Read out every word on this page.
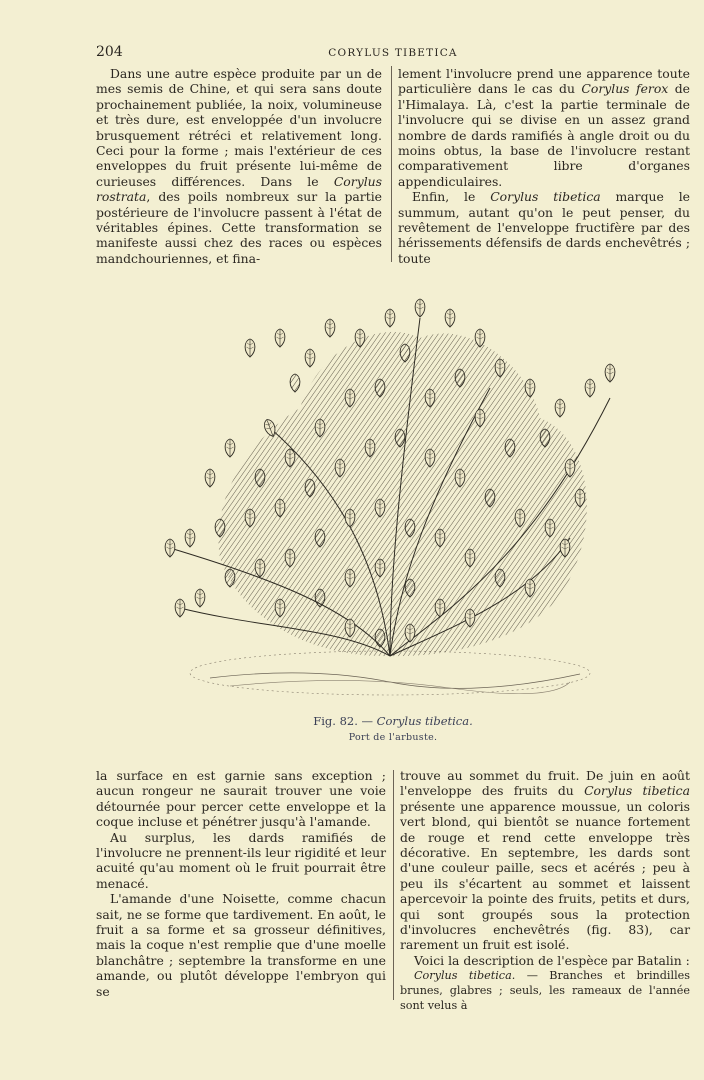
204	CORYLUS TIBETICA

Dans une autre espèce produite par un de mes semis de Chine, et qui sera sans doute prochainement publiée, la noix, volumineuse et très dure, est enveloppée d'un involucre brusquement rétréci et relativement long. Ceci pour la forme ; mais l'extérieur de ces enveloppes du fruit présente lui-même de curieuses différences. Dans le Corylus rostrata, des poils nombreux sur la partie postérieure de l'involucre passent à l'état de véritables épines. Cette transformation se manifeste aussi chez des races ou espèces mandchouriennes, et fina-

lement l'involucre prend une apparence toute particulière dans le cas du Corylus ferox de l'Himalaya. Là, c'est la partie terminale de l'involucre qui se divise en un assez grand nombre de dards ramifiés à angle droit ou du moins obtus, la base de l'involucre restant comparativement libre d'organes appendiculaires.

Enfin, le Corylus tibetica marque le summum, autant qu'on le peut penser, du revêtement de l'enveloppe fructifère par des hérissements défensifs de dards enchevêtrés ; toute

Fig. 82. — Corylus tibetica.
Port de l'arbuste.

la surface en est garnie sans exception ; aucun rongeur ne saurait trouver une voie détournée pour percer cette enveloppe et la coque incluse et pénétrer jusqu'à l'amande.

Au surplus, les dards ramifiés de l'involucre ne prennent-ils leur rigidité et leur acuité qu'au moment où le fruit pourrait être menacé.

L'amande d'une Noisette, comme chacun sait, ne se forme que tardivement. En août, le fruit a sa forme et sa grosseur définitives, mais la coque n'est remplie que d'une moelle blanchâtre ; septembre la transforme en une amande, ou plutôt développe l'embryon qui se

trouve au sommet du fruit. De juin en août l'enveloppe des fruits du Corylus tibetica présente une apparence moussue, un coloris vert blond, qui bientôt se nuance fortement de rouge et rend cette enveloppe très décorative. En septembre, les dards sont d'une couleur paille, secs et acérés ; peu à peu ils s'écartent au sommet et laissent apercevoir la pointe des fruits, petits et durs, qui sont groupés sous la protection d'involucres enchevêtrés (fig. 83), car rarement un fruit est isolé.

Voici la description de l'espèce par Batalin :

Corylus tibetica. — Branches et brindilles brunes, glabres ; seuls, les rameaux de l'année sont velus à
